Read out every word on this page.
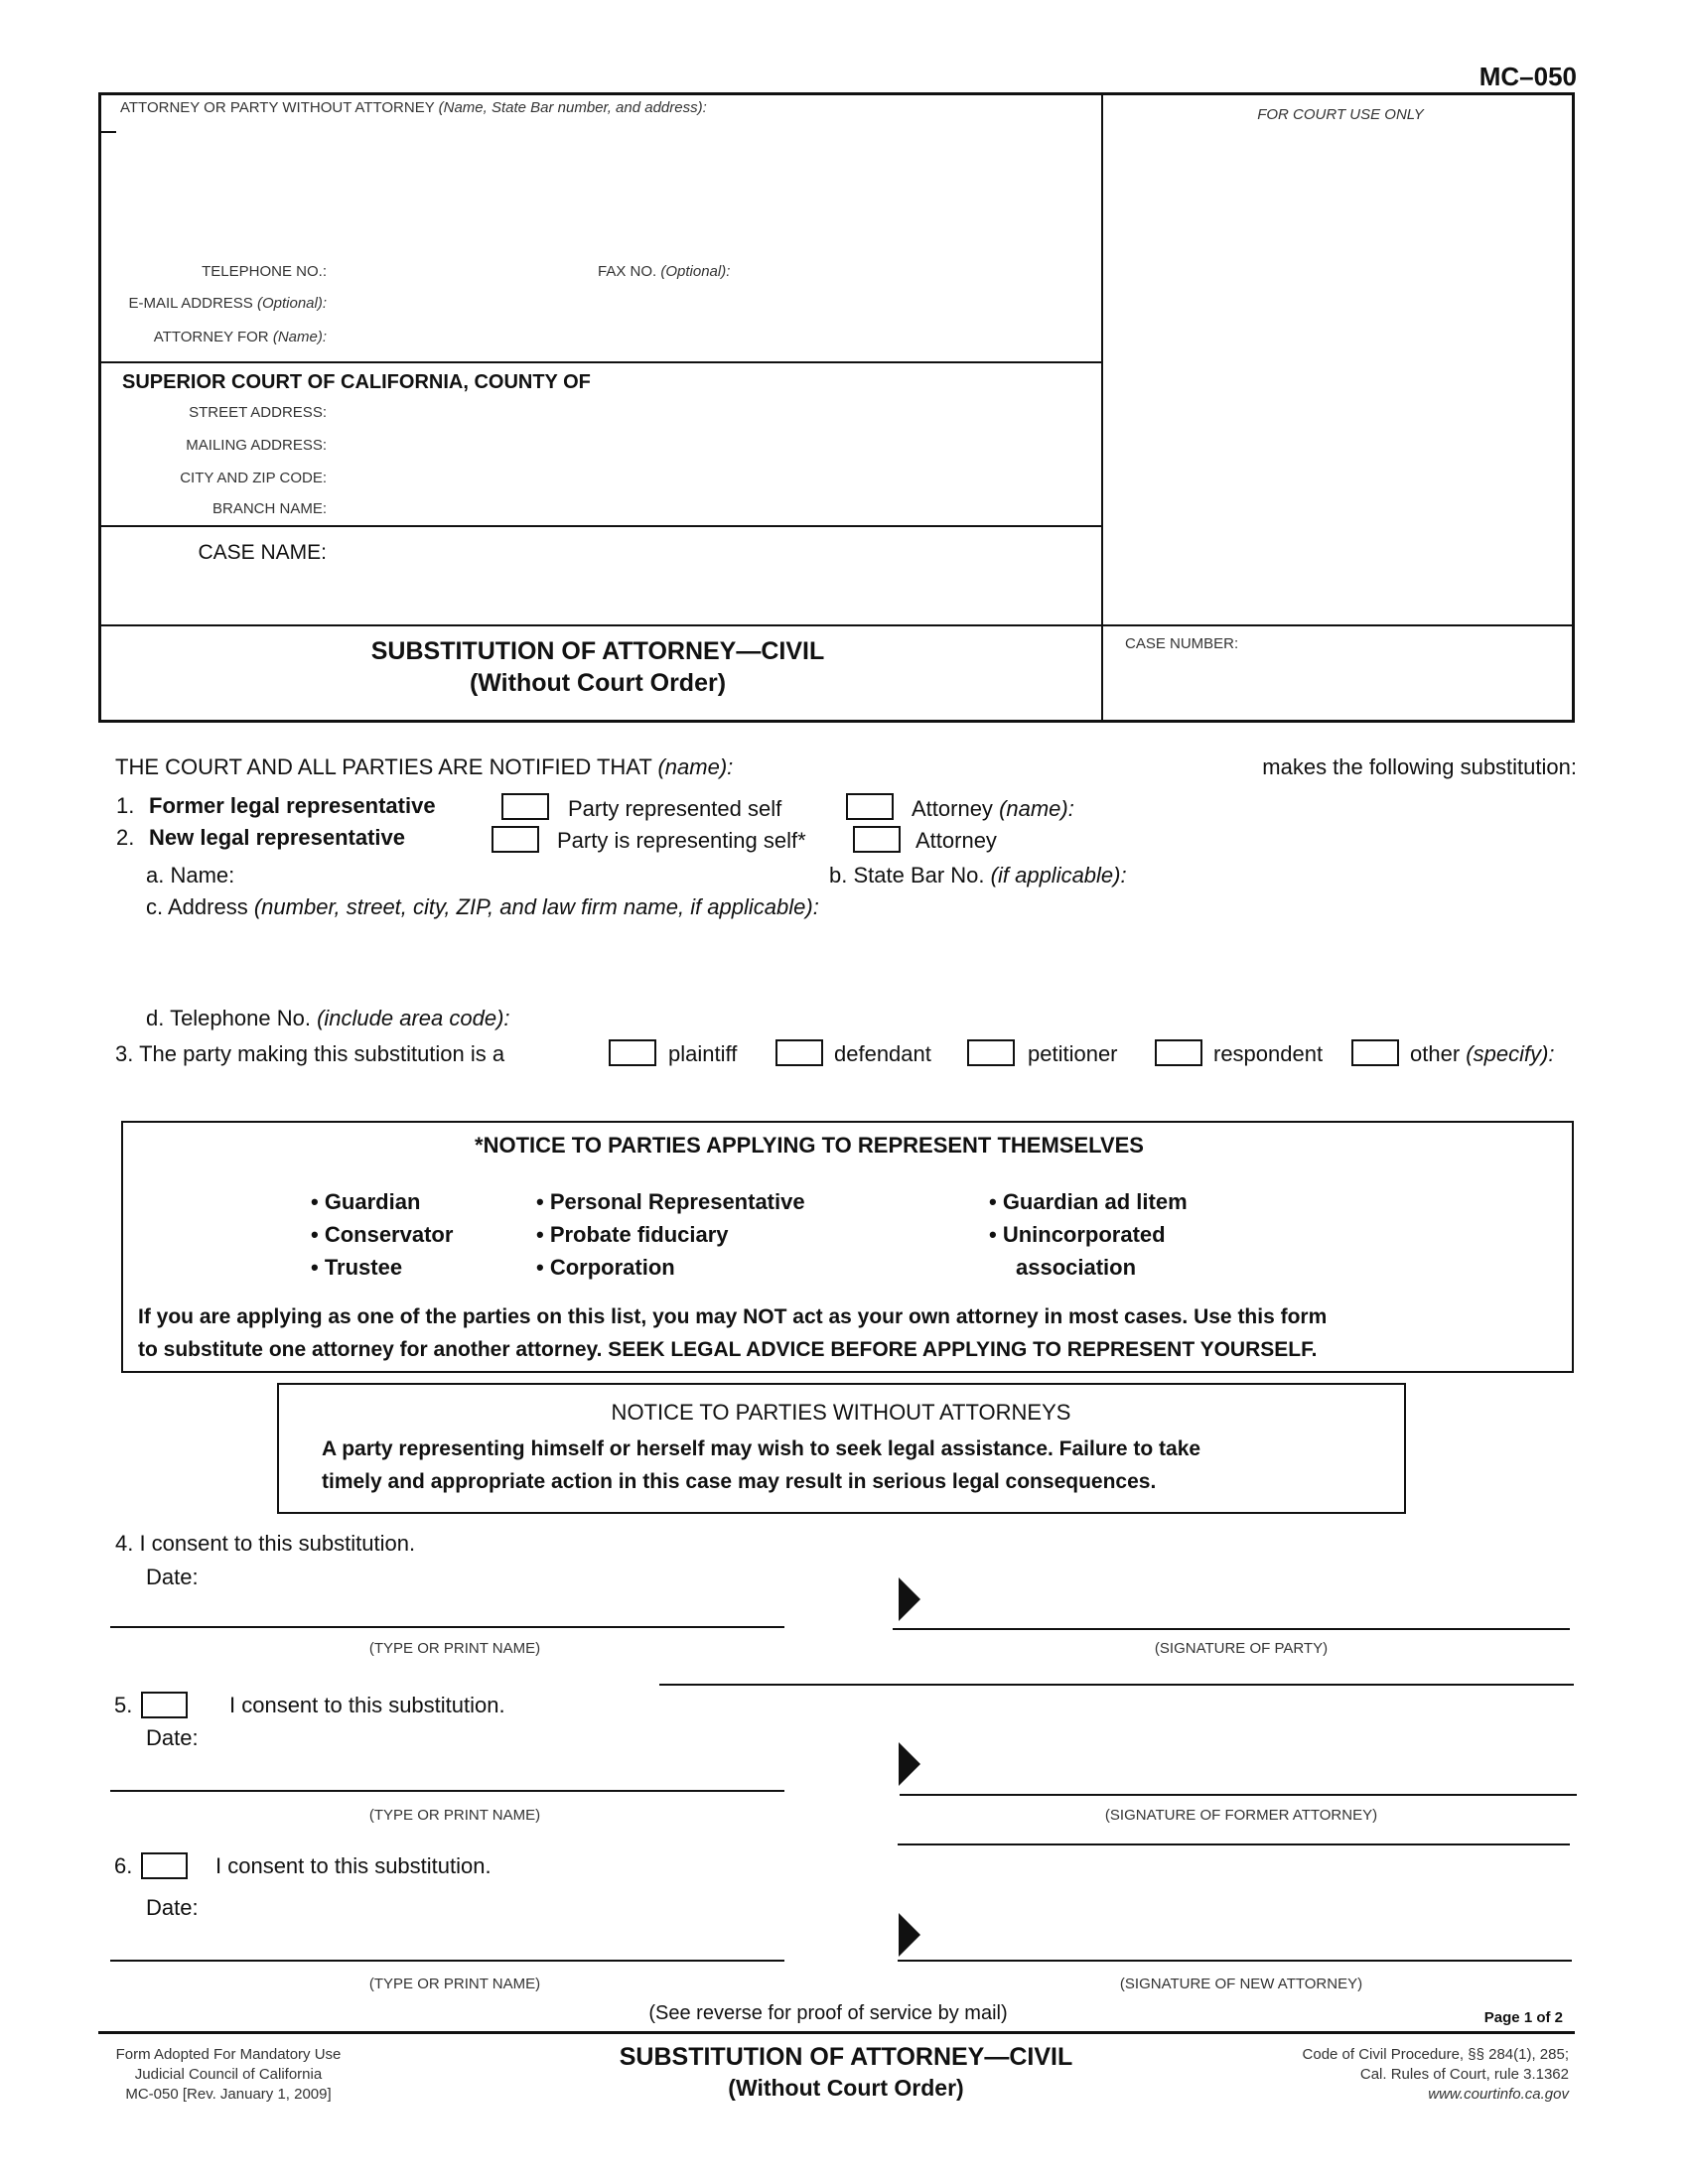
MC–050
ATTORNEY OR PARTY WITHOUT ATTORNEY (Name, State Bar number, and address):	FOR COURT USE ONLY
TELEPHONE NO.:	FAX NO. (Optional):
E-MAIL ADDRESS (Optional):
ATTORNEY FOR (Name):
SUPERIOR COURT OF CALIFORNIA, COUNTY OF
STREET ADDRESS:
MAILING ADDRESS:
CITY AND ZIP CODE:
BRANCH NAME:
CASE NAME:
SUBSTITUTION OF ATTORNEY—CIVIL
(Without Court Order)
CASE NUMBER:
THE COURT AND ALL PARTIES ARE NOTIFIED THAT (name):	makes the following substitution:
1. Former legal representative	Party represented self	Attorney (name):
2. New legal representative	Party is representing self*	Attorney
a. Name:	b. State Bar No. (if applicable):
c. Address (number, street, city, ZIP, and law firm name, if applicable):
d. Telephone No. (include area code):
3. The party making this substitution is a	plaintiff	defendant	petitioner	respondent	other (specify):
*NOTICE TO PARTIES APPLYING TO REPRESENT THEMSELVES
• Guardian
• Conservator
• Trustee
• Personal Representative
• Probate fiduciary
• Corporation
• Guardian ad litem
• Unincorporated
association
If you are applying as one of the parties on this list, you may NOT act as your own attorney in most cases. Use this form
to substitute one attorney for another attorney. SEEK LEGAL ADVICE BEFORE APPLYING TO REPRESENT YOURSELF.
NOTICE TO PARTIES WITHOUT ATTORNEYS
A party representing himself or herself may wish to seek legal assistance. Failure to take
timely and appropriate action in this case may result in serious legal consequences.
4. I consent to this substitution.
Date:
(TYPE OR PRINT NAME)	(SIGNATURE OF PARTY)
5.	I consent to this substitution.
Date:
(TYPE OR PRINT NAME)	(SIGNATURE OF FORMER ATTORNEY)
6.	I consent to this substitution.
Date:
(TYPE OR PRINT NAME)	(SIGNATURE OF NEW ATTORNEY)
(See reverse for proof of service by mail)	Page 1 of 2
Form Adopted For Mandatory Use
Judicial Council of California
MC-050 [Rev. January 1, 2009]
SUBSTITUTION OF ATTORNEY—CIVIL
(Without Court Order)
Code of Civil Procedure, §§ 284(1), 285;
Cal. Rules of Court, rule 3.1362
www.courtinfo.ca.gov
